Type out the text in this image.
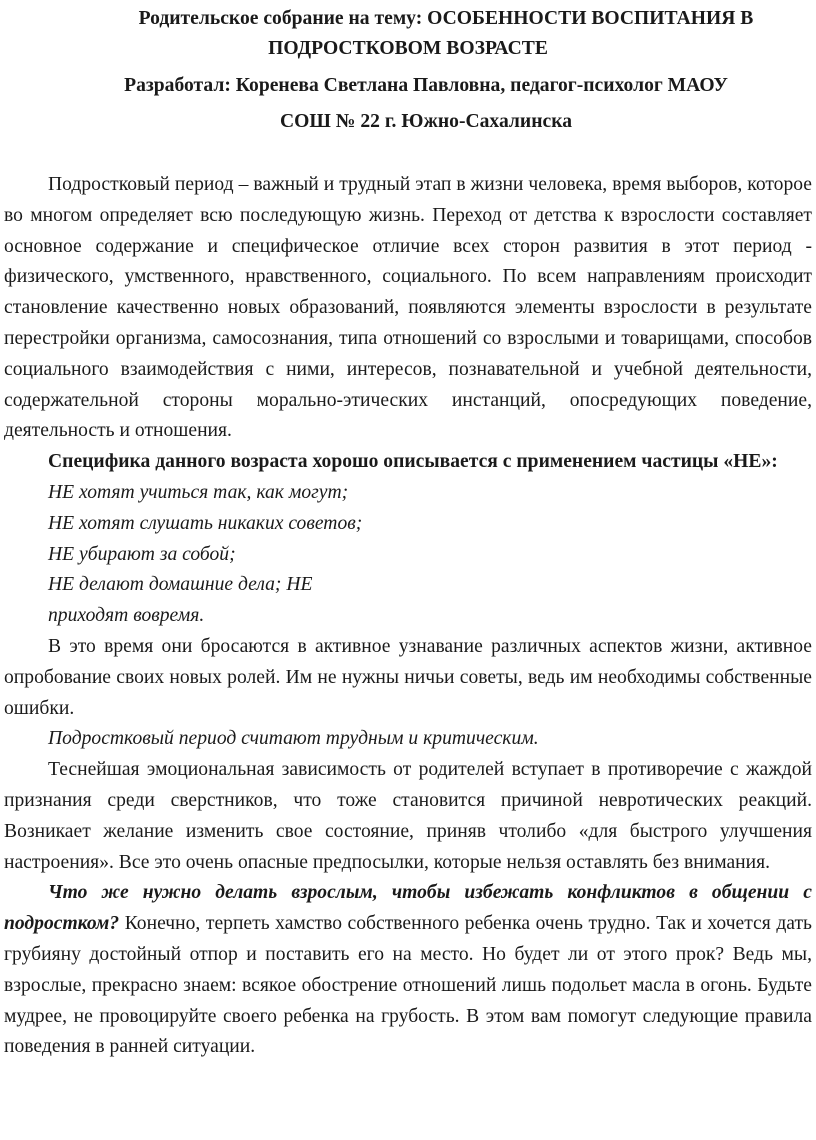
Родительское собрание на тему: ОСОБЕННОСТИ ВОСПИТАНИЯ В

ПОДРОСТКОВОМ ВОЗРАСТЕ

Разработал: Коренева Светлана Павловна, педагог-психолог МАОУ

СОШ № 22 г. Южно-Сахалинска

Подростковый период – важный и трудный этап в жизни человека, время выборов, которое во многом определяет всю последующую жизнь. Переход от детства к взрослости составляет основное содержание и специфическое отличие всех сторон развития в этот период - физического, умственного, нравственного, социального. По всем направлениям происходит становление качественно новых образований, появляются элементы взрослости в результате перестройки организма, самосознания, типа отношений со взрослыми и товарищами, способов социального взаимодействия с ними, интересов, познавательной и учебной деятельности, содержательной стороны морально-этических инстанций, опосредующих поведение, деятельность и отношения.

Специфика данного возраста хорошо описывается с применением частицы «НЕ»:

НЕ хотят учиться так, как могут;

НЕ хотят слушать никаких советов;

НЕ убирают за собой;

НЕ делают домашние дела; НЕ

приходят вовремя.

В это время они бросаются в активное узнавание различных аспектов жизни, активное опробование своих новых ролей. Им не нужны ничьи советы, ведь им необходимы собственные ошибки.

Подростковый период считают трудным и критическим.

Теснейшая эмоциональная зависимость от родителей вступает в противоречие с жаждой признания среди сверстников, что тоже становится причиной невротических реакций. Возникает желание изменить свое состояние, приняв чтолибо «для быстрого улучшения настроения». Все это очень опасные предпосылки, которые нельзя оставлять без внимания.

Что же нужно делать взрослым, чтобы избежать конфликтов в общении с подростком? Конечно, терпеть хамство собственного ребенка очень трудно. Так и хочется дать грубияну достойный отпор и поставить его на место. Но будет ли от этого прок? Ведь мы, взрослые, прекрасно знаем: всякое обострение отношений лишь подольет масла в огонь. Будьте мудрее, не провоцируйте своего ребенка на грубость. В этом вам помогут следующие правила поведения в ранней ситуации.
